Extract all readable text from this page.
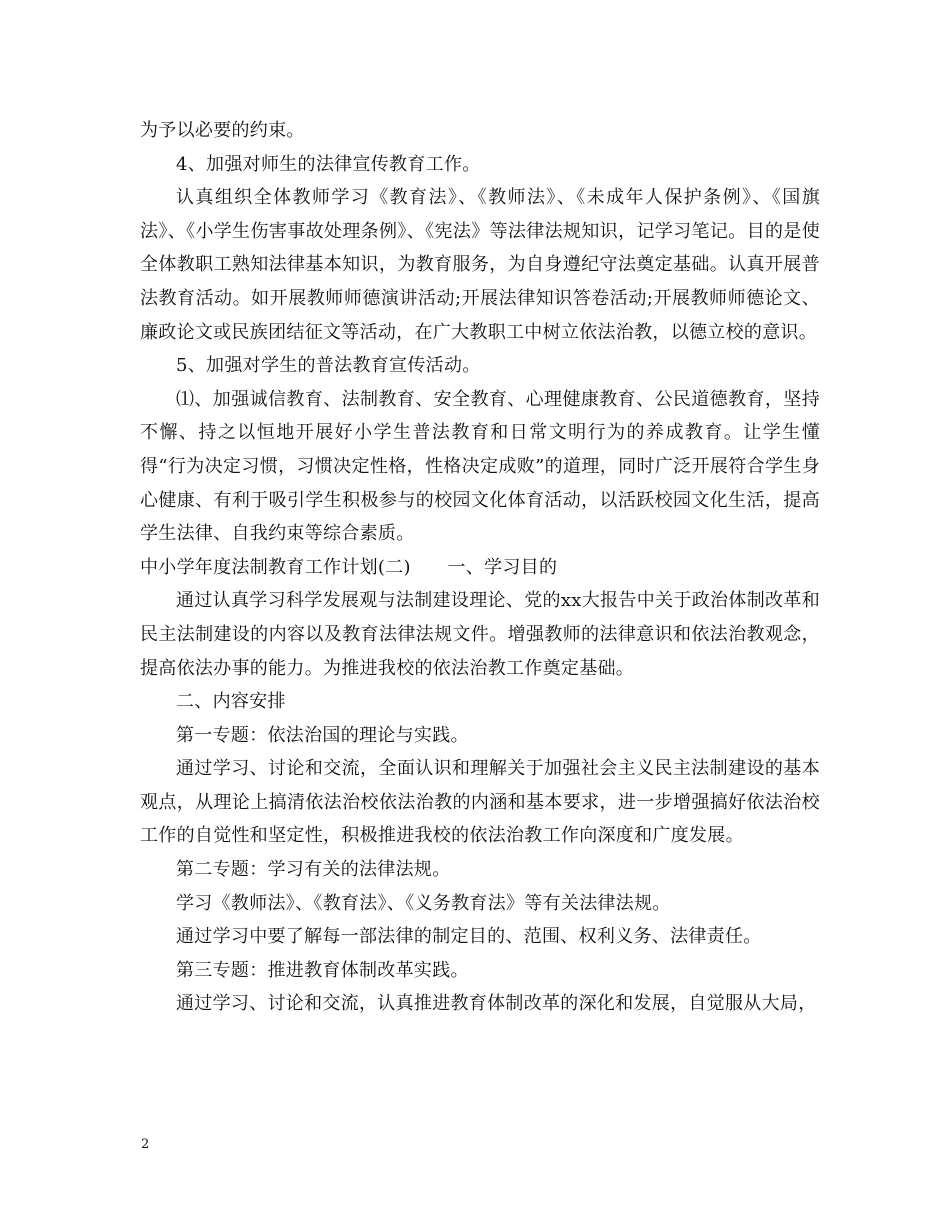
为予以必要的约束。

4、加强对师生的法律宣传教育工作。

认真组织全体教师学习《教育法》、《教师法》、《未成年人保护条例》、《国旗法》、《小学生伤害事故处理条例》、《宪法》等法律法规知识，记学习笔记。目的是使全体教职工熟知法律基本知识，为教育服务，为自身遵纪守法奠定基础。认真开展普法教育活动。如开展教师师德演讲活动;开展法律知识答卷活动;开展教师师德论文、廉政论文或民族团结征文等活动，在广大教职工中树立依法治教，以德立校的意识。

5、加强对学生的普法教育宣传活动。

⑴、加强诚信教育、法制教育、安全教育、心理健康教育、公民道德教育，坚持不懈、持之以恒地开展好小学生普法教育和日常文明行为的养成教育。让学生懂得“行为决定习惯，习惯决定性格，性格决定成败”的道理，同时广泛开展符合学生身心健康、有利于吸引学生积极参与的校园文化体育活动，以活跃校园文化生活，提高学生法律、自我约束等综合素质。

中小学年度法制教育工作计划(二)　　一、学习目的

通过认真学习科学发展观与法制建设理论、党的xx大报告中关于政治体制改革和民主法制建设的内容以及教育法律法规文件。增强教师的法律意识和依法治教观念，提高依法办事的能力。为推进我校的依法治教工作奠定基础。

二、内容安排

第一专题：依法治国的理论与实践。

通过学习、讨论和交流，全面认识和理解关于加强社会主义民主法制建设的基本观点，从理论上搞清依法治校依法治教的内涵和基本要求，进一步增强搞好依法治校工作的自觉性和坚定性，积极推进我校的依法治教工作向深度和广度发展。

第二专题：学习有关的法律法规。

学习《教师法》、《教育法》、《义务教育法》等有关法律法规。

通过学习中要了解每一部法律的制定目的、范围、权利义务、法律责任。

第三专题：推进教育体制改革实践。

通过学习、讨论和交流，认真推进教育体制改革的深化和发展，自觉服从大局，

2
